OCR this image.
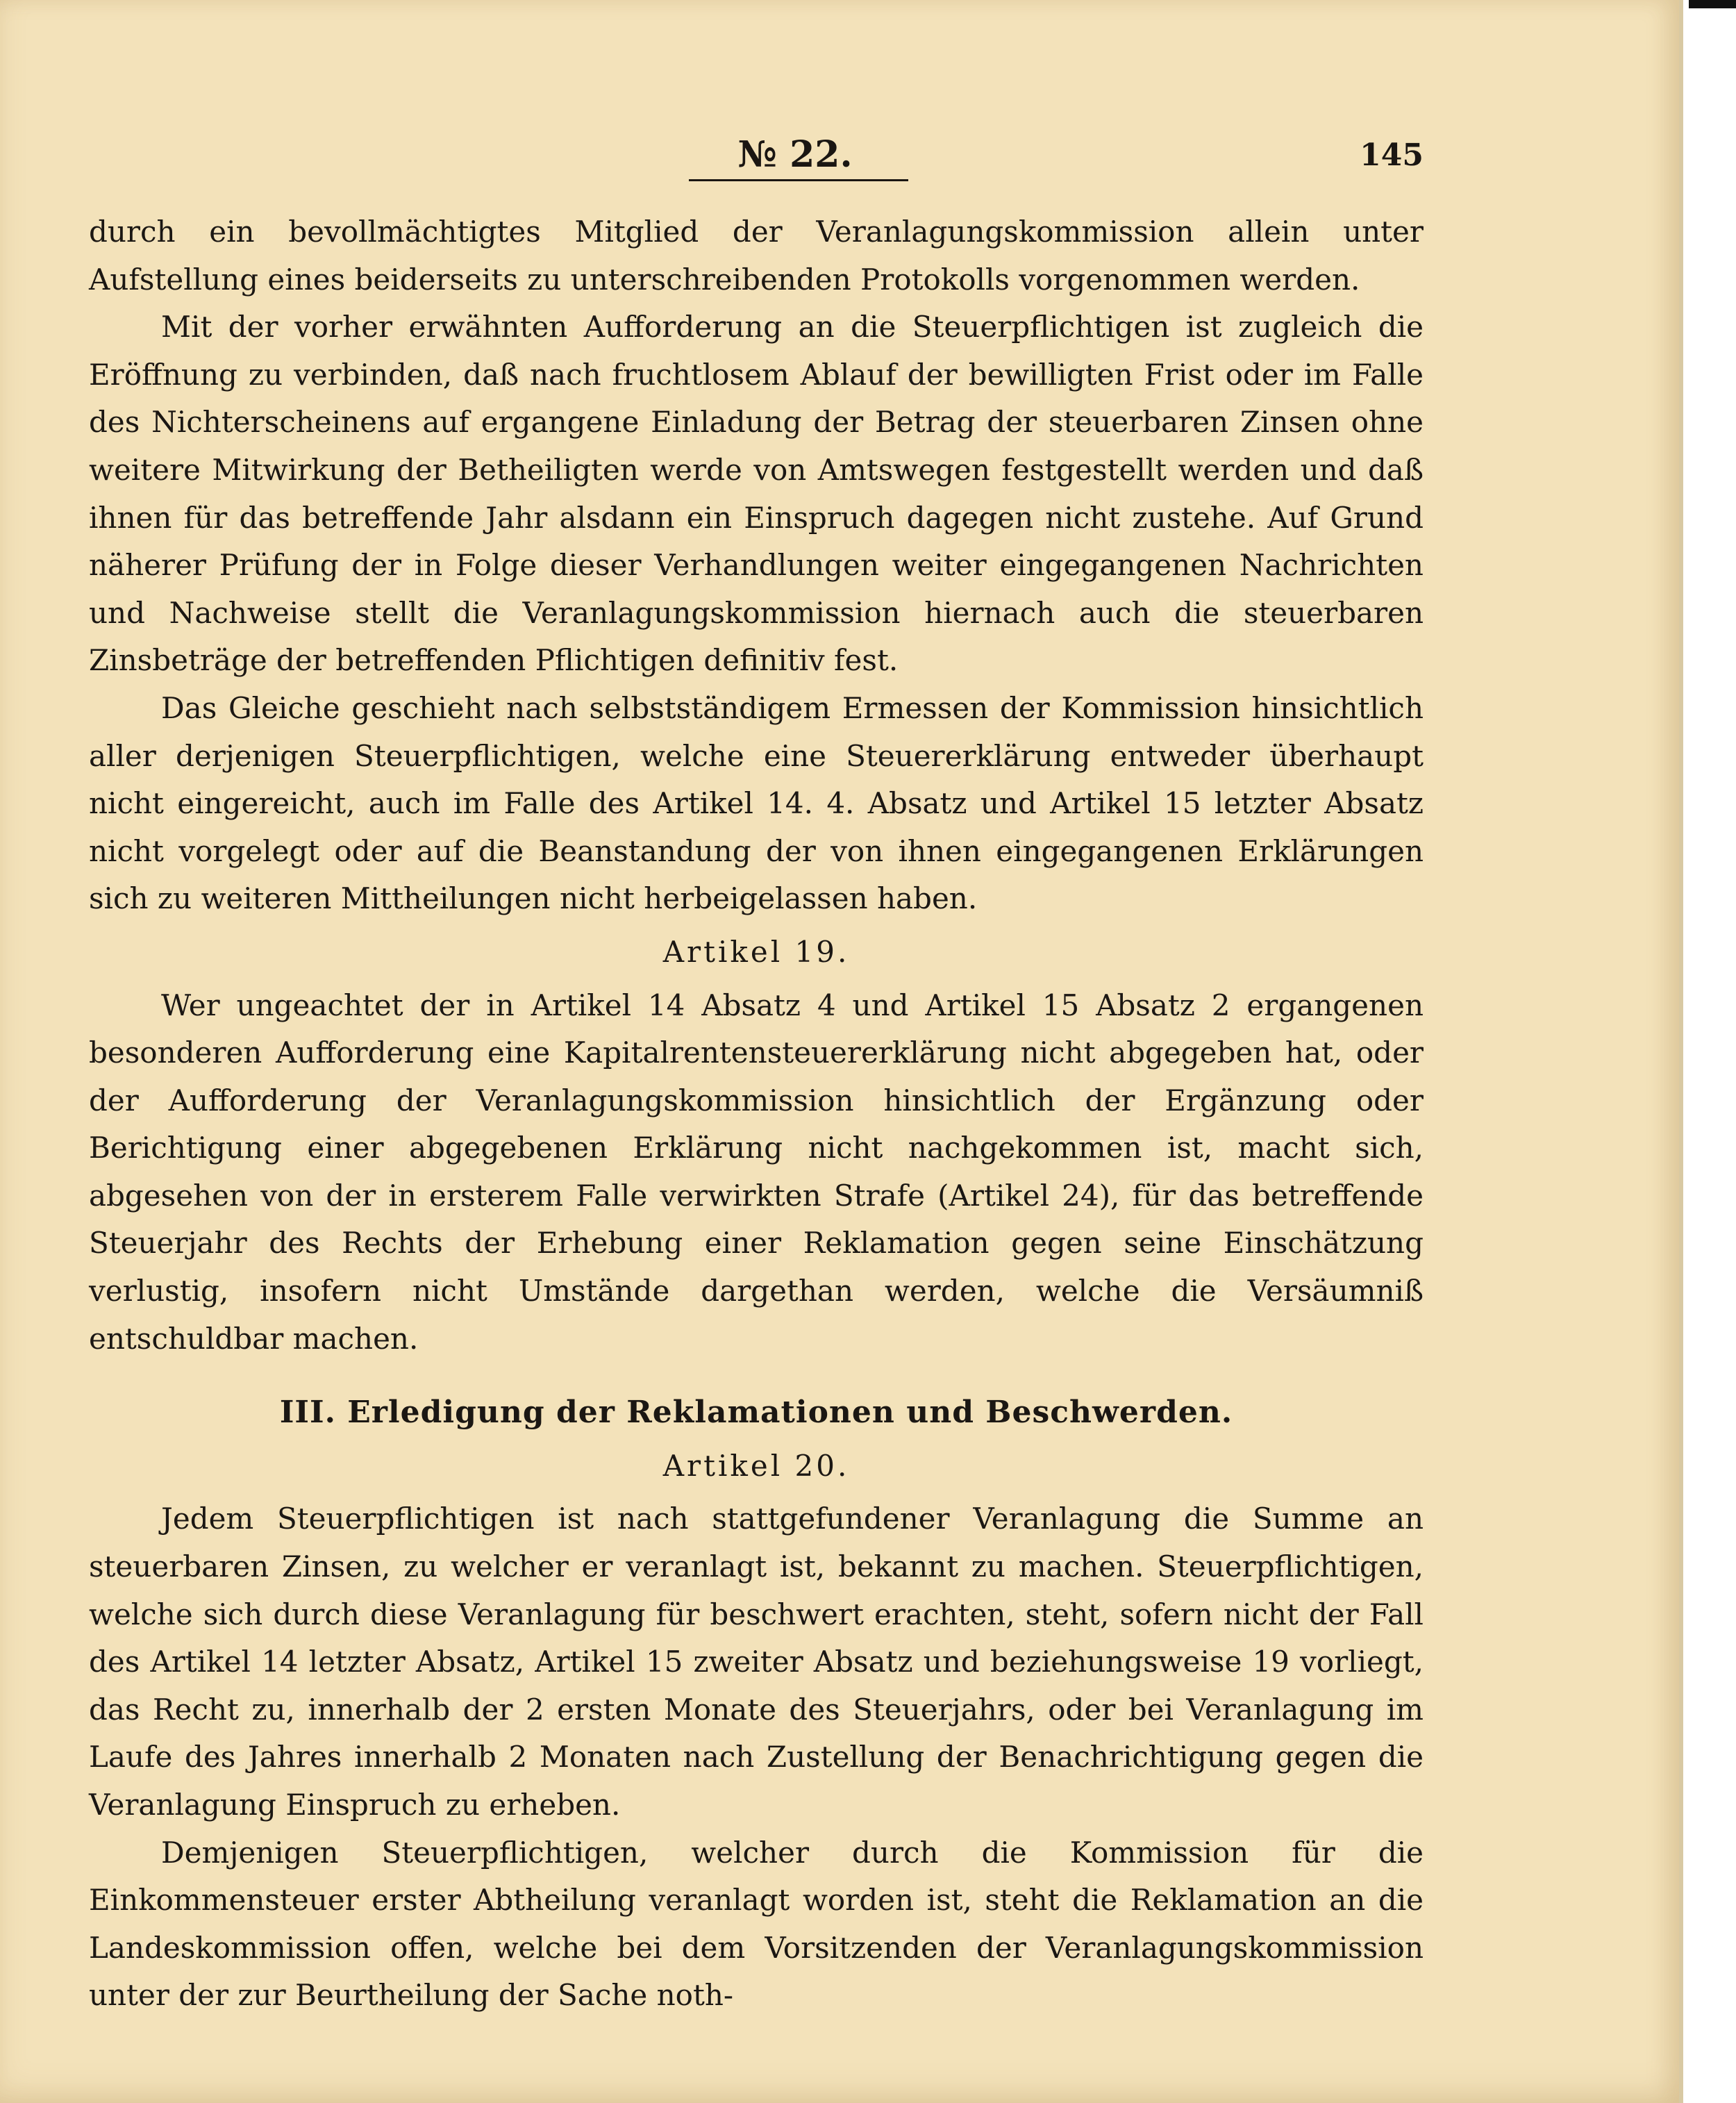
№ 22.	145

durch ein bevollmächtigtes Mitglied der Veranlagungskommission allein unter Aufstellung eines beiderseits zu unterschreibenden Protokolls vorgenommen werden.

Mit der vorher erwähnten Aufforderung an die Steuerpflichtigen ist zugleich die Eröffnung zu verbinden, daß nach fruchtlosem Ablauf der bewilligten Frist oder im Falle des Nichterscheinens auf ergangene Einladung der Betrag der steuerbaren Zinsen ohne weitere Mitwirkung der Betheiligten werde von Amtswegen festgestellt werden und daß ihnen für das betreffende Jahr alsdann ein Einspruch dagegen nicht zustehe. Auf Grund näherer Prüfung der in Folge dieser Verhandlungen weiter eingegangenen Nachrichten und Nachweise stellt die Veranlagungskommission hiernach auch die steuerbaren Zinsbeträge der betreffenden Pflichtigen definitiv fest.

Das Gleiche geschieht nach selbstständigem Ermessen der Kommission hinsichtlich aller derjenigen Steuerpflichtigen, welche eine Steuererklärung entweder überhaupt nicht eingereicht, auch im Falle des Artikel 14. 4. Absatz und Artikel 15 letzter Absatz nicht vorgelegt oder auf die Beanstandung der von ihnen eingegangenen Erklärungen sich zu weiteren Mittheilungen nicht herbeigelassen haben.

Artikel 19.

Wer ungeachtet der in Artikel 14 Absatz 4 und Artikel 15 Absatz 2 ergangenen besonderen Aufforderung eine Kapitalrentensteuererklärung nicht abgegeben hat, oder der Aufforderung der Veranlagungskommission hinsichtlich der Ergänzung oder Berichtigung einer abgegebenen Erklärung nicht nachgekommen ist, macht sich, abgesehen von der in ersterem Falle verwirkten Strafe (Artikel 24), für das betreffende Steuerjahr des Rechts der Erhebung einer Reklamation gegen seine Einschätzung verlustig, insofern nicht Umstände dargethan werden, welche die Versäumniß entschuldbar machen.

III. Erledigung der Reklamationen und Beschwerden.

Artikel 20.

Jedem Steuerpflichtigen ist nach stattgefundener Veranlagung die Summe an steuerbaren Zinsen, zu welcher er veranlagt ist, bekannt zu machen. Steuerpflichtigen, welche sich durch diese Veranlagung für beschwert erachten, steht, sofern nicht der Fall des Artikel 14 letzter Absatz, Artikel 15 zweiter Absatz und beziehungsweise 19 vorliegt, das Recht zu, innerhalb der 2 ersten Monate des Steuerjahrs, oder bei Veranlagung im Laufe des Jahres innerhalb 2 Monaten nach Zustellung der Benachrichtigung gegen die Veranlagung Einspruch zu erheben.

Demjenigen Steuerpflichtigen, welcher durch die Kommission für die Einkommensteuer erster Abtheilung veranlagt worden ist, steht die Reklamation an die Landeskommission offen, welche bei dem Vorsitzenden der Veranlagungskommission unter der zur Beurtheilung der Sache noth-
